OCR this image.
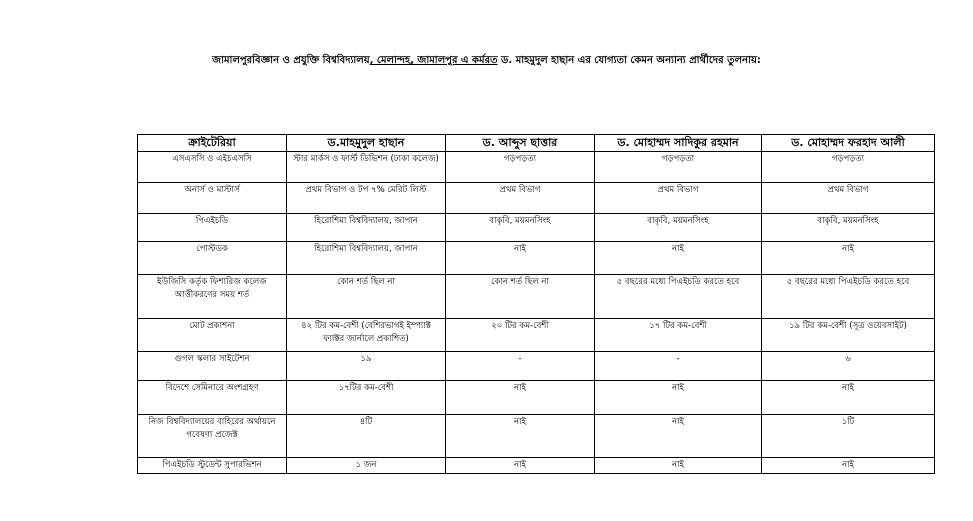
জামালপুরবিজ্ঞান ও প্রযুক্তি বিশ্ববিদ্যালয়, মেলান্দহ, জামালপুর এ কর্মরত ড. মাহমুদুল হাছান এর যোগ্যতা কেমন অন্যান্য প্রার্থীদের তুলনায়:
ক্রাইটেরিয়া	ড.মাহমুদুল হাছান	ড. আব্দুস ছাত্তার	ড. মোহাম্মদ সাদিকুর রহমান	ড. মোহাম্মদ ফরহাদ আলী
এসএসসি ও এইচএসসি	স্টার মার্কস ও ফার্স্ট ডিভিশন (ঢাকা কলেজ)	গড়পড়তা	গড়পড়তা	গড়পড়তা
অনার্স ও মাস্টার্স	প্রথম বিভাগ ও টপ ৭% মেরিট লিস্ট	প্রথম বিভাগ	প্রথম বিভাগ	প্রথম বিভাগ
পিএইচডি	হিরোশিমা বিশ্ববিদ্যালয়, জাপান	বাকৃবি, ময়মনসিংহ	বাকৃবি, ময়মনসিংহ	বাকৃবি, ময়মনসিংহ
পোস্টডক	হিরোশিমা বিশ্ববিদ্যালয়, জাপান	নাই	নাই	নাই
ইউজিসি কর্তৃক ফিশারিজ কলেজ আত্তীকরণের সময় শর্ত	কোন শর্ত ছিল না	কোন শর্ত ছিল না	৫ বছরের মধ্যে পিএইচডি করতে হবে	৫ বছরের মধ্যে পিএইচডি করতে হবে
মোট প্রকাশনা	৪২ টির কম-বেশী (বেশিরভাগই ইম্প্যাক্ট ফ্যাক্টর জার্নালে প্রকাশিত)	২০ টির কম-বেশী	১৭ টির কম-বেশী	১৯ টির কম-বেশী (সূত্র ওয়েবসাইট)
গুগল স্কলার সাইটেশন	১৯	-	-	৬
বিদেশে সেমিনারে অংশগ্রহণ	১৭টির কম-বেশী	নাই	নাই	নাই
নিজ বিশ্ববিদ্যালয়ের বাহিরের অর্থায়নে গবেষণা প্রজেক্ট	৪টি	নাই	নাই	১টি
পিএইচডি স্টুডেন্ট সুপারভিশন	১ জন	নাই	নাই	নাই
